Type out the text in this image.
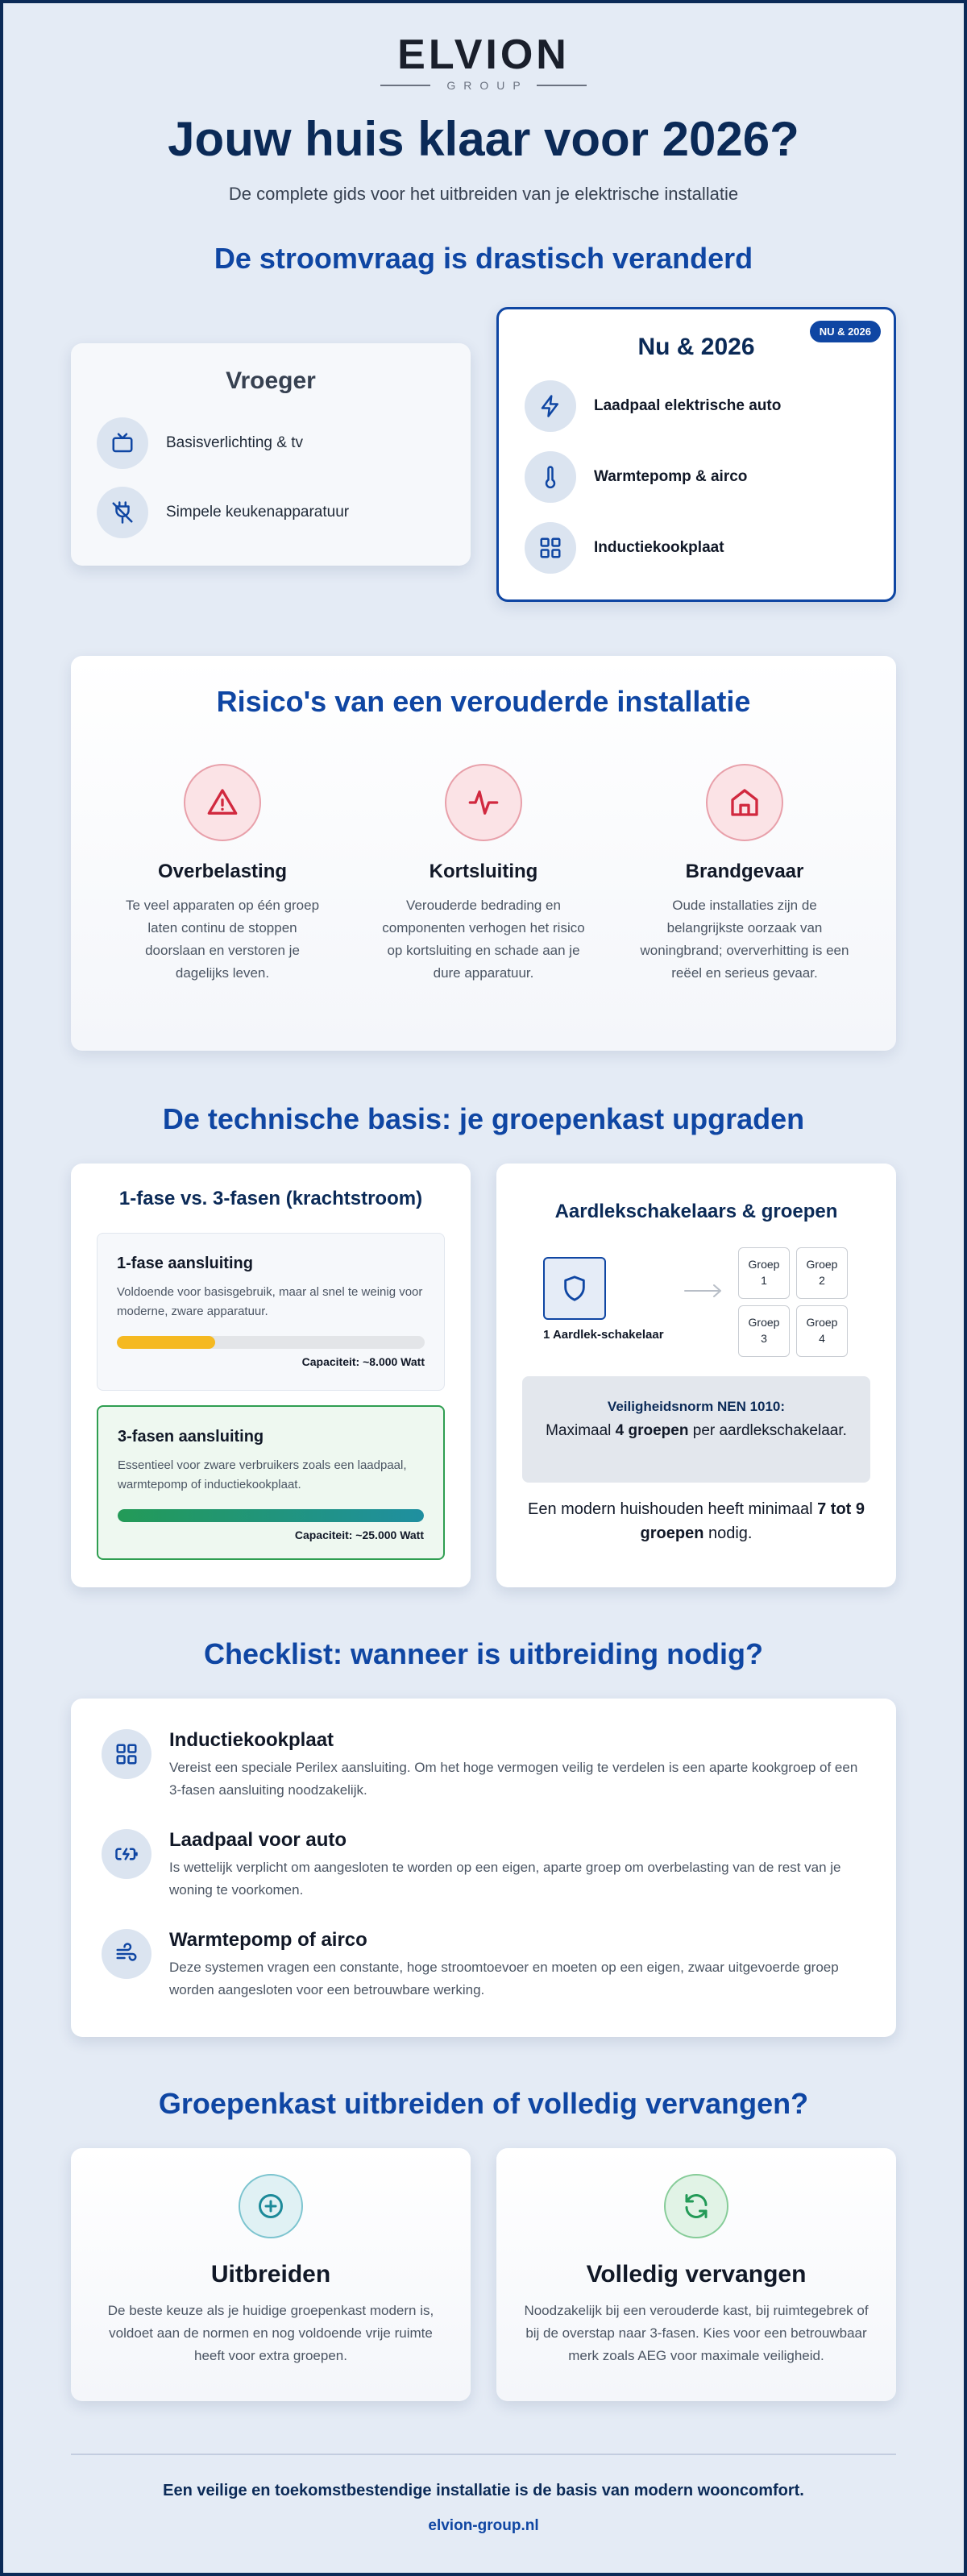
ELVION
GROUP
Jouw huis klaar voor 2026?
De complete gids voor het uitbreiden van je elektrische installatie
De stroomvraag is drastisch veranderd
Vroeger
Basisverlichting & tv
Simpele keukenapparatuur
NU & 2026
Nu & 2026
Laadpaal elektrische auto
Warmtepomp & airco
Inductiekookplaat
Risico's van een verouderde installatie
Overbelasting
Te veel apparaten op één groep laten continu de stoppen doorslaan en verstoren je dagelijks leven.
Kortsluiting
Verouderde bedrading en componenten verhogen het risico op kortsluiting en schade aan je dure apparatuur.
Brandgevaar
Oude installaties zijn de belangrijkste oorzaak van woningbrand; oververhitting is een reëel en serieus gevaar.
De technische basis: je groepenkast upgraden
1-fase vs. 3-fasen (krachtstroom)
1-fase aansluiting
Voldoende voor basisgebruik, maar al snel te weinig voor moderne, zware apparatuur.
Capaciteit: ~8.000 Watt
3-fasen aansluiting
Essentieel voor zware verbruikers zoals een laadpaal, warmtepomp of inductiekookplaat.
Capaciteit: ~25.000 Watt
Aardlekschakelaars & groepen
1 Aardlek-schakelaar
Groep
1
Groep
2
Groep
3
Groep
4
Veiligheidsnorm NEN 1010:
Maximaal 4 groepen per aardlekschakelaar.
Een modern huishouden heeft minimaal 7 tot 9 groepen nodig.
Checklist: wanneer is uitbreiding nodig?
Inductiekookplaat
Vereist een speciale Perilex aansluiting. Om het hoge vermogen veilig te verdelen is een aparte kookgroep of een 3-fasen aansluiting noodzakelijk.
Laadpaal voor auto
Is wettelijk verplicht om aangesloten te worden op een eigen, aparte groep om overbelasting van de rest van je woning te voorkomen.
Warmtepomp of airco
Deze systemen vragen een constante, hoge stroomtoevoer en moeten op een eigen, zwaar uitgevoerde groep worden aangesloten voor een betrouwbare werking.
Groepenkast uitbreiden of volledig vervangen?
Uitbreiden
De beste keuze als je huidige groepenkast modern is, voldoet aan de normen en nog voldoende vrije ruimte heeft voor extra groepen.
Volledig vervangen
Noodzakelijk bij een verouderde kast, bij ruimtegebrek of bij de overstap naar 3-fasen. Kies voor een betrouwbaar merk zoals AEG voor maximale veiligheid.
Een veilige en toekomstbestendige installatie is de basis van modern wooncomfort.
elvion-group.nl
